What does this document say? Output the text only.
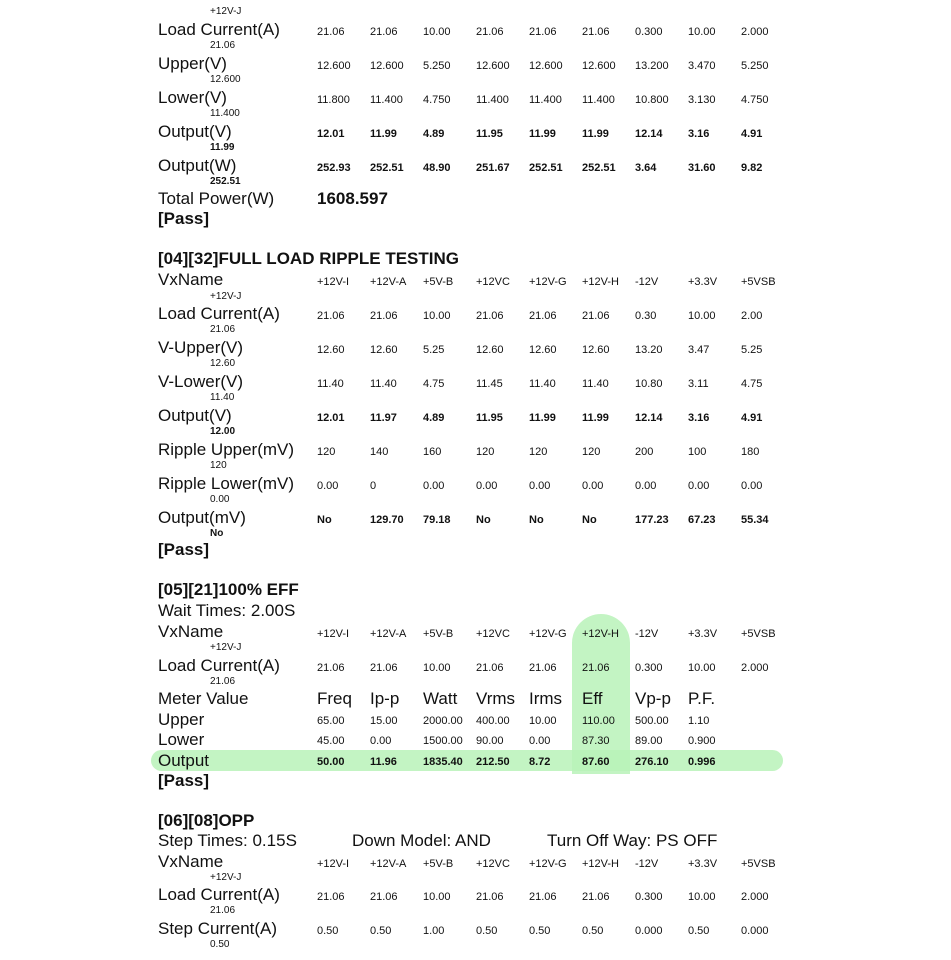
+12V-J
Load Current(A)	21.06 21.06 10.00 21.06 21.06 21.06 0.300 10.00 2.000
21.06
Upper(V)	12.600 12.600 5.250 12.600 12.600 12.600 13.200 3.470 5.250
12.600
Lower(V)	11.800 11.400 4.750 11.400 11.400 11.400 10.800 3.130 4.750
11.400
Output(V)	12.01 11.99 4.89	11.95 11.99 11.99 12.14 3.16	4.91
11.99
Output(W)	252.93 252.51 48.90 251.67 252.51 252.51 3.64	31.60 9.82
252.51
Total Power(W)	1608.597
[Pass]
[04][32]FULL LOAD RIPPLE TESTING
VxName	+12V-I +12V-A +5V-B +12VC +12V-G +12V-H -12V	+3.3V +5VSB
+12V-J
Load Current(A)	21.06 21.06 10.00 21.06 21.06 21.06 0.30	10.00 2.00
21.06
V-Upper(V)	12.60 12.60 5.25	12.60 12.60 12.60 13.20 3.47	5.25
12.60
V-Lower(V)	11.40 11.40 4.75	11.45 11.40 11.40 10.80 3.11	4.75
11.40
Output(V)	12.01 11.97 4.89	11.95 11.99 11.99 12.14 3.16	4.91
12.00
Ripple Upper(mV) 120	140	160	120	120	120	200	100	180
120
Ripple Lower(mV) 0.00	0	0.00	0.00	0.00	0.00	0.00	0.00	0.00
0.00
Output(mV)	No	129.70 79.18 No	No	No	177.23 67.23 55.34
No
[Pass]
[05][21]100% EFF
Wait Times: 2.00S
VxName	+12V-I +12V-A +5V-B +12VC +12V-G +12V-H -12V	+3.3V +5VSB
+12V-J
Load Current(A)	21.06 21.06 10.00 21.06 21.06 21.06 0.300 10.00 2.000
21.06
Meter Value	Freq Ip-p Watt Vrms Irms Eff Vp-p P.F.
Upper	65.00 15.00 2000.00 400.00 10.00 110.00 500.00 1.10
Lower	45.00 0.00	1500.00 90.00 0.00	87.30 89.00 0.900
Output	50.00 11.96 1835.40 212.50 8.72	87.60 276.10 0.996
[Pass]
[06][08]OPP
Step Times: 0.15S	Down Model: AND	Turn Off Way: PS OFF
VxName	+12V-I +12V-A +5V-B +12VC +12V-G +12V-H -12V	+3.3V +5VSB
+12V-J
Load Current(A)	21.06 21.06 10.00 21.06 21.06 21.06 0.300 10.00 2.000
21.06
Step Current(A)	0.50	0.50	1.00	0.50	0.50	0.50	0.000 0.50	0.000
0.50
